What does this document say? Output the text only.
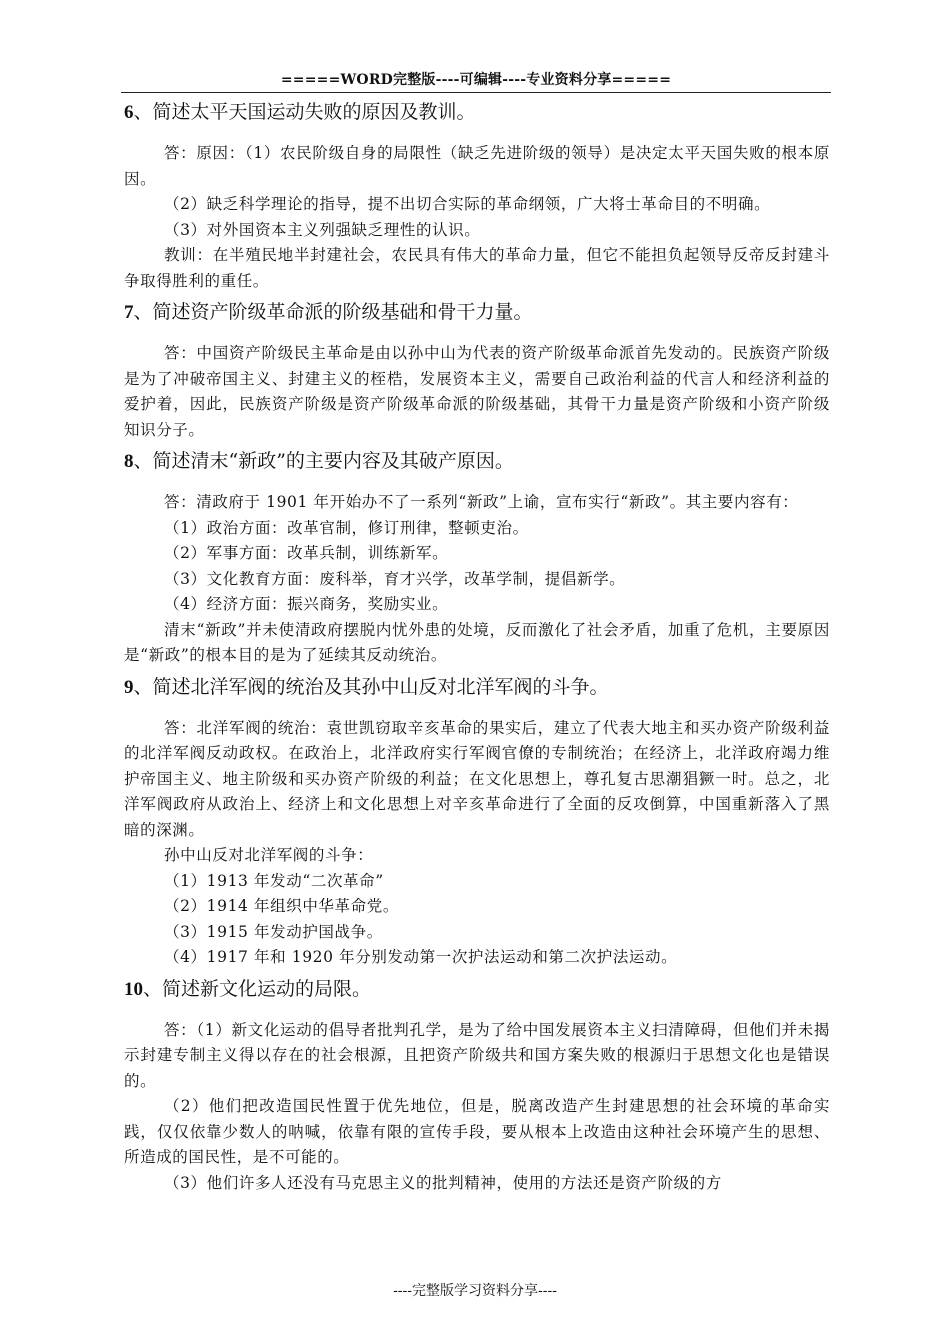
=====WORD完整版----可编辑----专业资料分享=====
6、简述太平天国运动失败的原因及教训。

答：原因：（1）农民阶级自身的局限性（缺乏先进阶级的领导）是决定太平天国失败的根本原因。

（2）缺乏科学理论的指导，提不出切合实际的革命纲领，广大将士革命目的不明确。

（3）对外国资本主义列强缺乏理性的认识。

教训：在半殖民地半封建社会，农民具有伟大的革命力量，但它不能担负起领导反帝反封建斗争取得胜利的重任。

7、简述资产阶级革命派的阶级基础和骨干力量。

答：中国资产阶级民主革命是由以孙中山为代表的资产阶级革命派首先发动的。民族资产阶级是为了冲破帝国主义、封建主义的桎梏，发展资本主义，需要自己政治利益的代言人和经济利益的爱护着，因此，民族资产阶级是资产阶级革命派的阶级基础，其骨干力量是资产阶级和小资产阶级知识分子。

8、简述清末“新政”的主要内容及其破产原因。

答：清政府于 1901 年开始办不了一系列“新政”上谕，宣布实行“新政”。其主要内容有：

（1）政治方面：改革官制，修订刑律，整顿吏治。

（2）军事方面：改革兵制，训练新军。

（3）文化教育方面：废科举，育才兴学，改革学制，提倡新学。

（4）经济方面：振兴商务，奖励实业。

清末“新政”并未使清政府摆脱内忧外患的处境，反而激化了社会矛盾，加重了危机，主要原因是“新政”的根本目的是为了延续其反动统治。

9、简述北洋军阀的统治及其孙中山反对北洋军阀的斗争。

答：北洋军阀的统治：袁世凯窃取辛亥革命的果实后，建立了代表大地主和买办资产阶级利益的北洋军阀反动政权。在政治上，北洋政府实行军阀官僚的专制统治；在经济上，北洋政府竭力维护帝国主义、地主阶级和买办资产阶级的利益；在文化思想上，尊孔复古思潮猖獗一时。总之，北洋军阀政府从政治上、经济上和文化思想上对辛亥革命进行了全面的反攻倒算，中国重新落入了黑暗的深渊。

孙中山反对北洋军阀的斗争：

（1）1913 年发动“二次革命”

（2）1914 年组织中华革命党。

（3）1915 年发动护国战争。

（4）1917 年和 1920 年分别发动第一次护法运动和第二次护法运动。

10、简述新文化运动的局限。

答：（1）新文化运动的倡导者批判孔学，是为了给中国发展资本主义扫清障碍，但他们并未揭示封建专制主义得以存在的社会根源，且把资产阶级共和国方案失败的根源归于思想文化也是错误的。

（2）他们把改造国民性置于优先地位，但是，脱离改造产生封建思想的社会环境的革命实践，仅仅依靠少数人的呐喊，依靠有限的宣传手段，要从根本上改造由这种社会环境产生的思想、所造成的国民性，是不可能的。

（3）他们许多人还没有马克思主义的批判精神，使用的方法还是资产阶级的方

----完整版学习资料分享----
